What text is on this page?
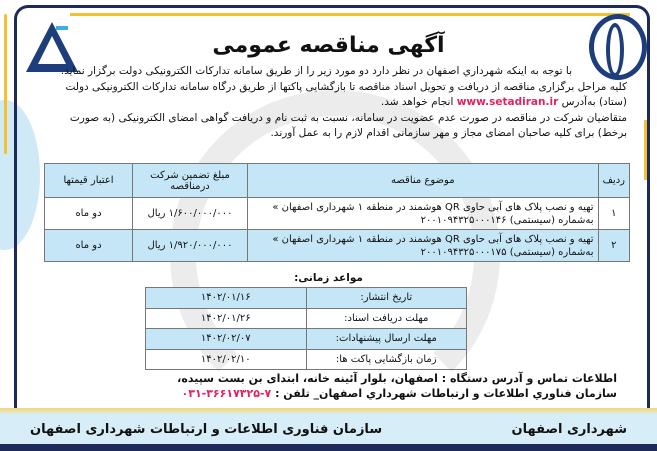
آگهی مناقصه عمومی

با توجه به اینکه شهرداري اصفهان در نظر دارد دو مورد زیر را از طریق سامانه تدارکات الکترونیکی دولت برگزار نماید.

کلیه مراحل برگزاری مناقصه از دریافت و تحویل اسناد مناقصه تا بازگشایی پاکتها از طریق درگاه سامانه تدارکات الکترونیکی دولت (ستاد) به‌آدرس www.setadiran.ir انجام خواهد شد.

متقاضیان شرکت در مناقصه در صورت عدم عضویت در سامانه، نسبت به ثبت نام و دریافت گواهی امضای الکترونیکی (به صورت برخط) برای کلیه صاحبان امضای مجاز و مهر سازمانی اقدام لازم را به عمل آورند.

ردیف	موضوع مناقصه	مبلغ تضمین شرکت درمناقصه	اعتبار قیمتها
۱	تهیه و نصب پلاک های آبی حاوی QR هوشمند در منطقه ۱ شهرداری اصفهان » به‌شماره (سیستمی) ۲۰۰۱۰۹۴۳۲۵۰۰۰۱۴۶	۱/۶۰۰/۰۰۰/۰۰۰ ریال	دو ماه
۲	تهیه و نصب پلاک های آبی حاوی QR هوشمند در منطقه ۱ شهرداری اصفهان » به‌شماره (سیستمی) ۲۰۰۱۰۹۴۳۲۵۰۰۰۱۷۵	۱/۹۲۰/۰۰۰/۰۰۰ ریال	دو ماه
مواعد زمانی:
تاریخ انتشار:	۱۴۰۲/۰۱/۱۶
مهلت دریافت اسناد:	۱۴۰۲/۰۱/۲۶
مهلت ارسال پیشنهادات:	۱۴۰۲/۰۲/۰۷
زمان بازگشایی پاکت ها:	۱۴۰۲/۰۲/۱۰
اطلاعات تماس و آدرس دستگاه : اصفهان، بلوار آئینه خانه، ابتدای بن بست سپیده،
سازمان فناوري اطلاعات و ارتباطات شهرداري اصفهان_ تلفن : ۰۳۱-۳۶۶۱۷۳۲۵-۷
شهرداری اصفهان
سازمان فناوری اطلاعات و ارتباطات شهرداری اصفهان
